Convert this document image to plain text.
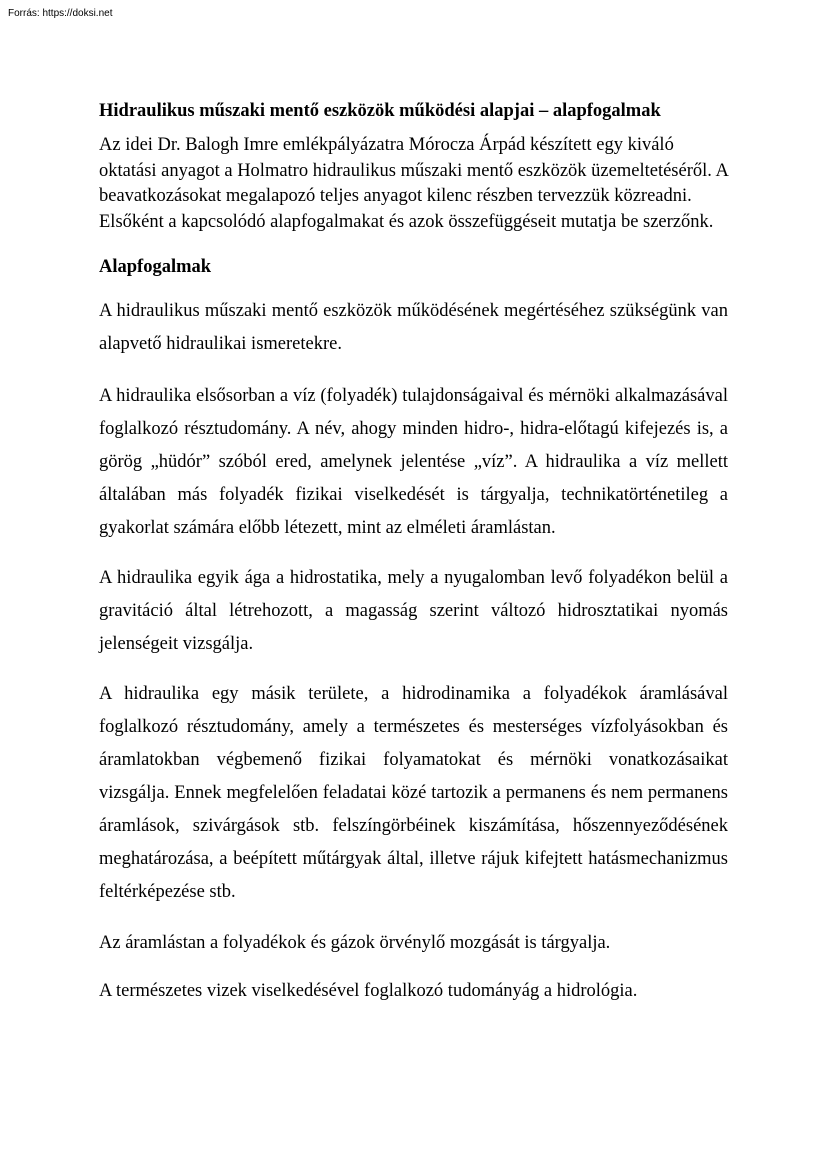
Forrás: https://doksi.net
Hidraulikus műszaki mentő eszközök működési alapjai – alapfogalmak

Az idei Dr. Balogh Imre emlékpályázatra Mórocza Árpád készített egy kiváló oktatási anyagot a Holmatro hidraulikus műszaki mentő eszközök üzemeltetéséről. A beavatkozásokat megalapozó teljes anyagot kilenc részben tervezzük közreadni. Elsőként a kapcsolódó alapfogalmakat és azok összefüggéseit mutatja be szerzőnk.

Alapfogalmak

A hidraulikus műszaki mentő eszközök működésének megértéséhez szükségünk van alapvető hidraulikai ismeretekre.

A hidraulika elsősorban a víz (folyadék) tulajdonságaival és mérnöki alkalmazásával foglalkozó résztudomány. A név, ahogy minden hidro-, hidra-előtagú kifejezés is, a görög „hüdór” szóból ered, amelynek jelentése „víz”. A hidraulika a víz mellett általában más folyadék fizikai viselkedését is tárgyalja, technikatörténetileg a gyakorlat számára előbb létezett, mint az elméleti áramlástan.

A hidraulika egyik ága a hidrostatika, mely a nyugalomban levő folyadékon belül a gravitáció által létrehozott, a magasság szerint változó hidrosztatikai nyomás jelenségeit vizsgálja.

A hidraulika egy másik területe, a hidrodinamika a folyadékok áramlásával foglalkozó résztudomány, amely a természetes és mesterséges vízfolyásokban és áramlatokban végbemenő fizikai folyamatokat és mérnöki vonatkozásaikat vizsgálja. Ennek megfelelően feladatai közé tartozik a permanens és nem permanens áramlások, szivárgások stb. felszíngörbéinek kiszámítása, hőszennyeződésének meghatározása, a beépített műtárgyak által, illetve rájuk kifejtett hatásmechanizmus feltérképezése stb.

Az áramlástan a folyadékok és gázok örvénylő mozgását is tárgyalja.

A természetes vizek viselkedésével foglalkozó tudományág a hidrológia.
